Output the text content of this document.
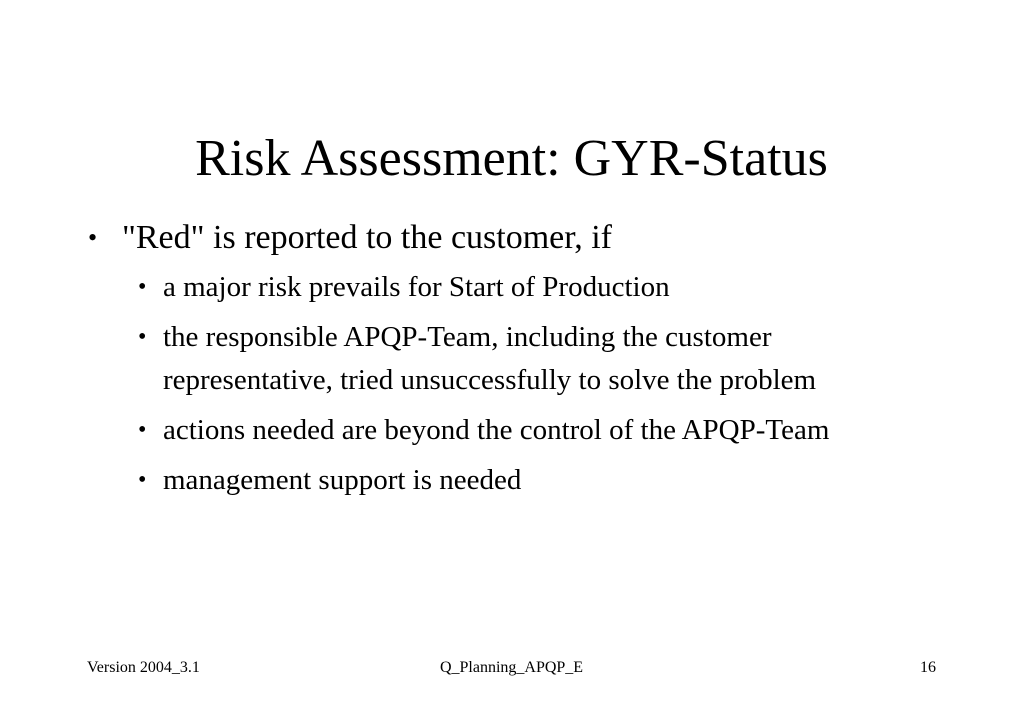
Risk Assessment: GYR-Status
• "Red" is reported to the customer, if
• a major risk prevails for Start of Production
• the responsible APQP-Team, including the customer representative, tried unsuccessfully to solve the problem
• actions needed are beyond the control of the APQP-Team
• management support is needed
Version 2004_3.1	Q_Planning_APQP_E	16
